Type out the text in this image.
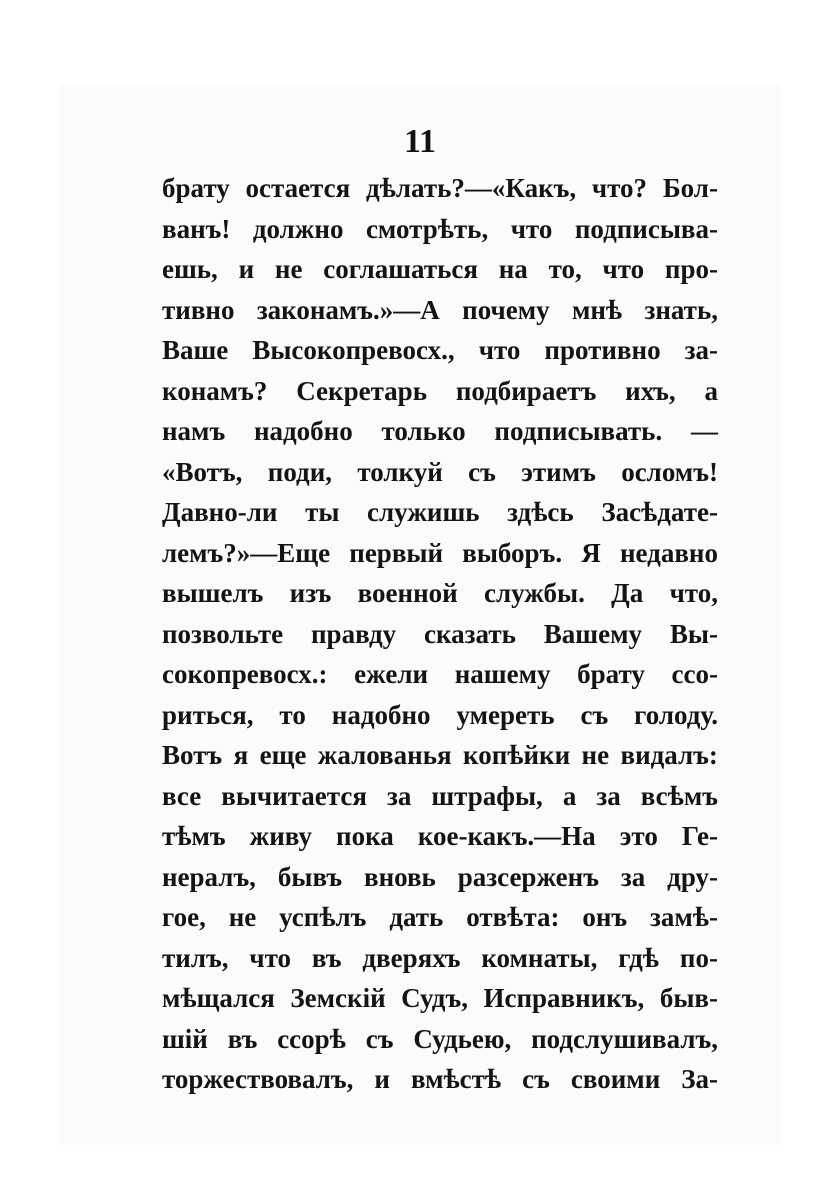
11
брату остается дѣлать?—«Какъ, что? Бол-
ванъ! должно смотрѣть, что подписыва-
ешь, и не соглашаться на то, что про-
тивно законамъ.»—А почему мнѣ знать,
Ваше Высокопревосх., что противно за-
конамъ? Секретарь подбираетъ ихъ, а
намъ надобно только подписывать. —
«Вотъ, поди, толкуй съ этимъ осломъ!
Давно-ли ты служишь здѣсь Засѣдате-
лемъ?»—Еще первый выборъ. Я недавно
вышелъ изъ военной службы. Да что,
позвольте правду сказать Вашему Вы-
сокопревосх.: ежели нашему брату ссо-
риться, то надобно умереть съ голоду.
Вотъ я еще жалованья копѣйки не видалъ:
все вычитается за штрафы, а за всѣмъ
тѣмъ живу пока кое-какъ.—На это Ге-
нералъ, бывъ вновь разсерженъ за дру-
гое, не успѣлъ дать отвѣта: онъ замѣ-
тилъ, что въ дверяхъ комнаты, гдѣ по-
мѣщался Земскій Судъ, Исправникъ, быв-
шій въ ссорѣ съ Судьею, подслушивалъ,
торжествовалъ, и вмѣстѣ съ своими За-
